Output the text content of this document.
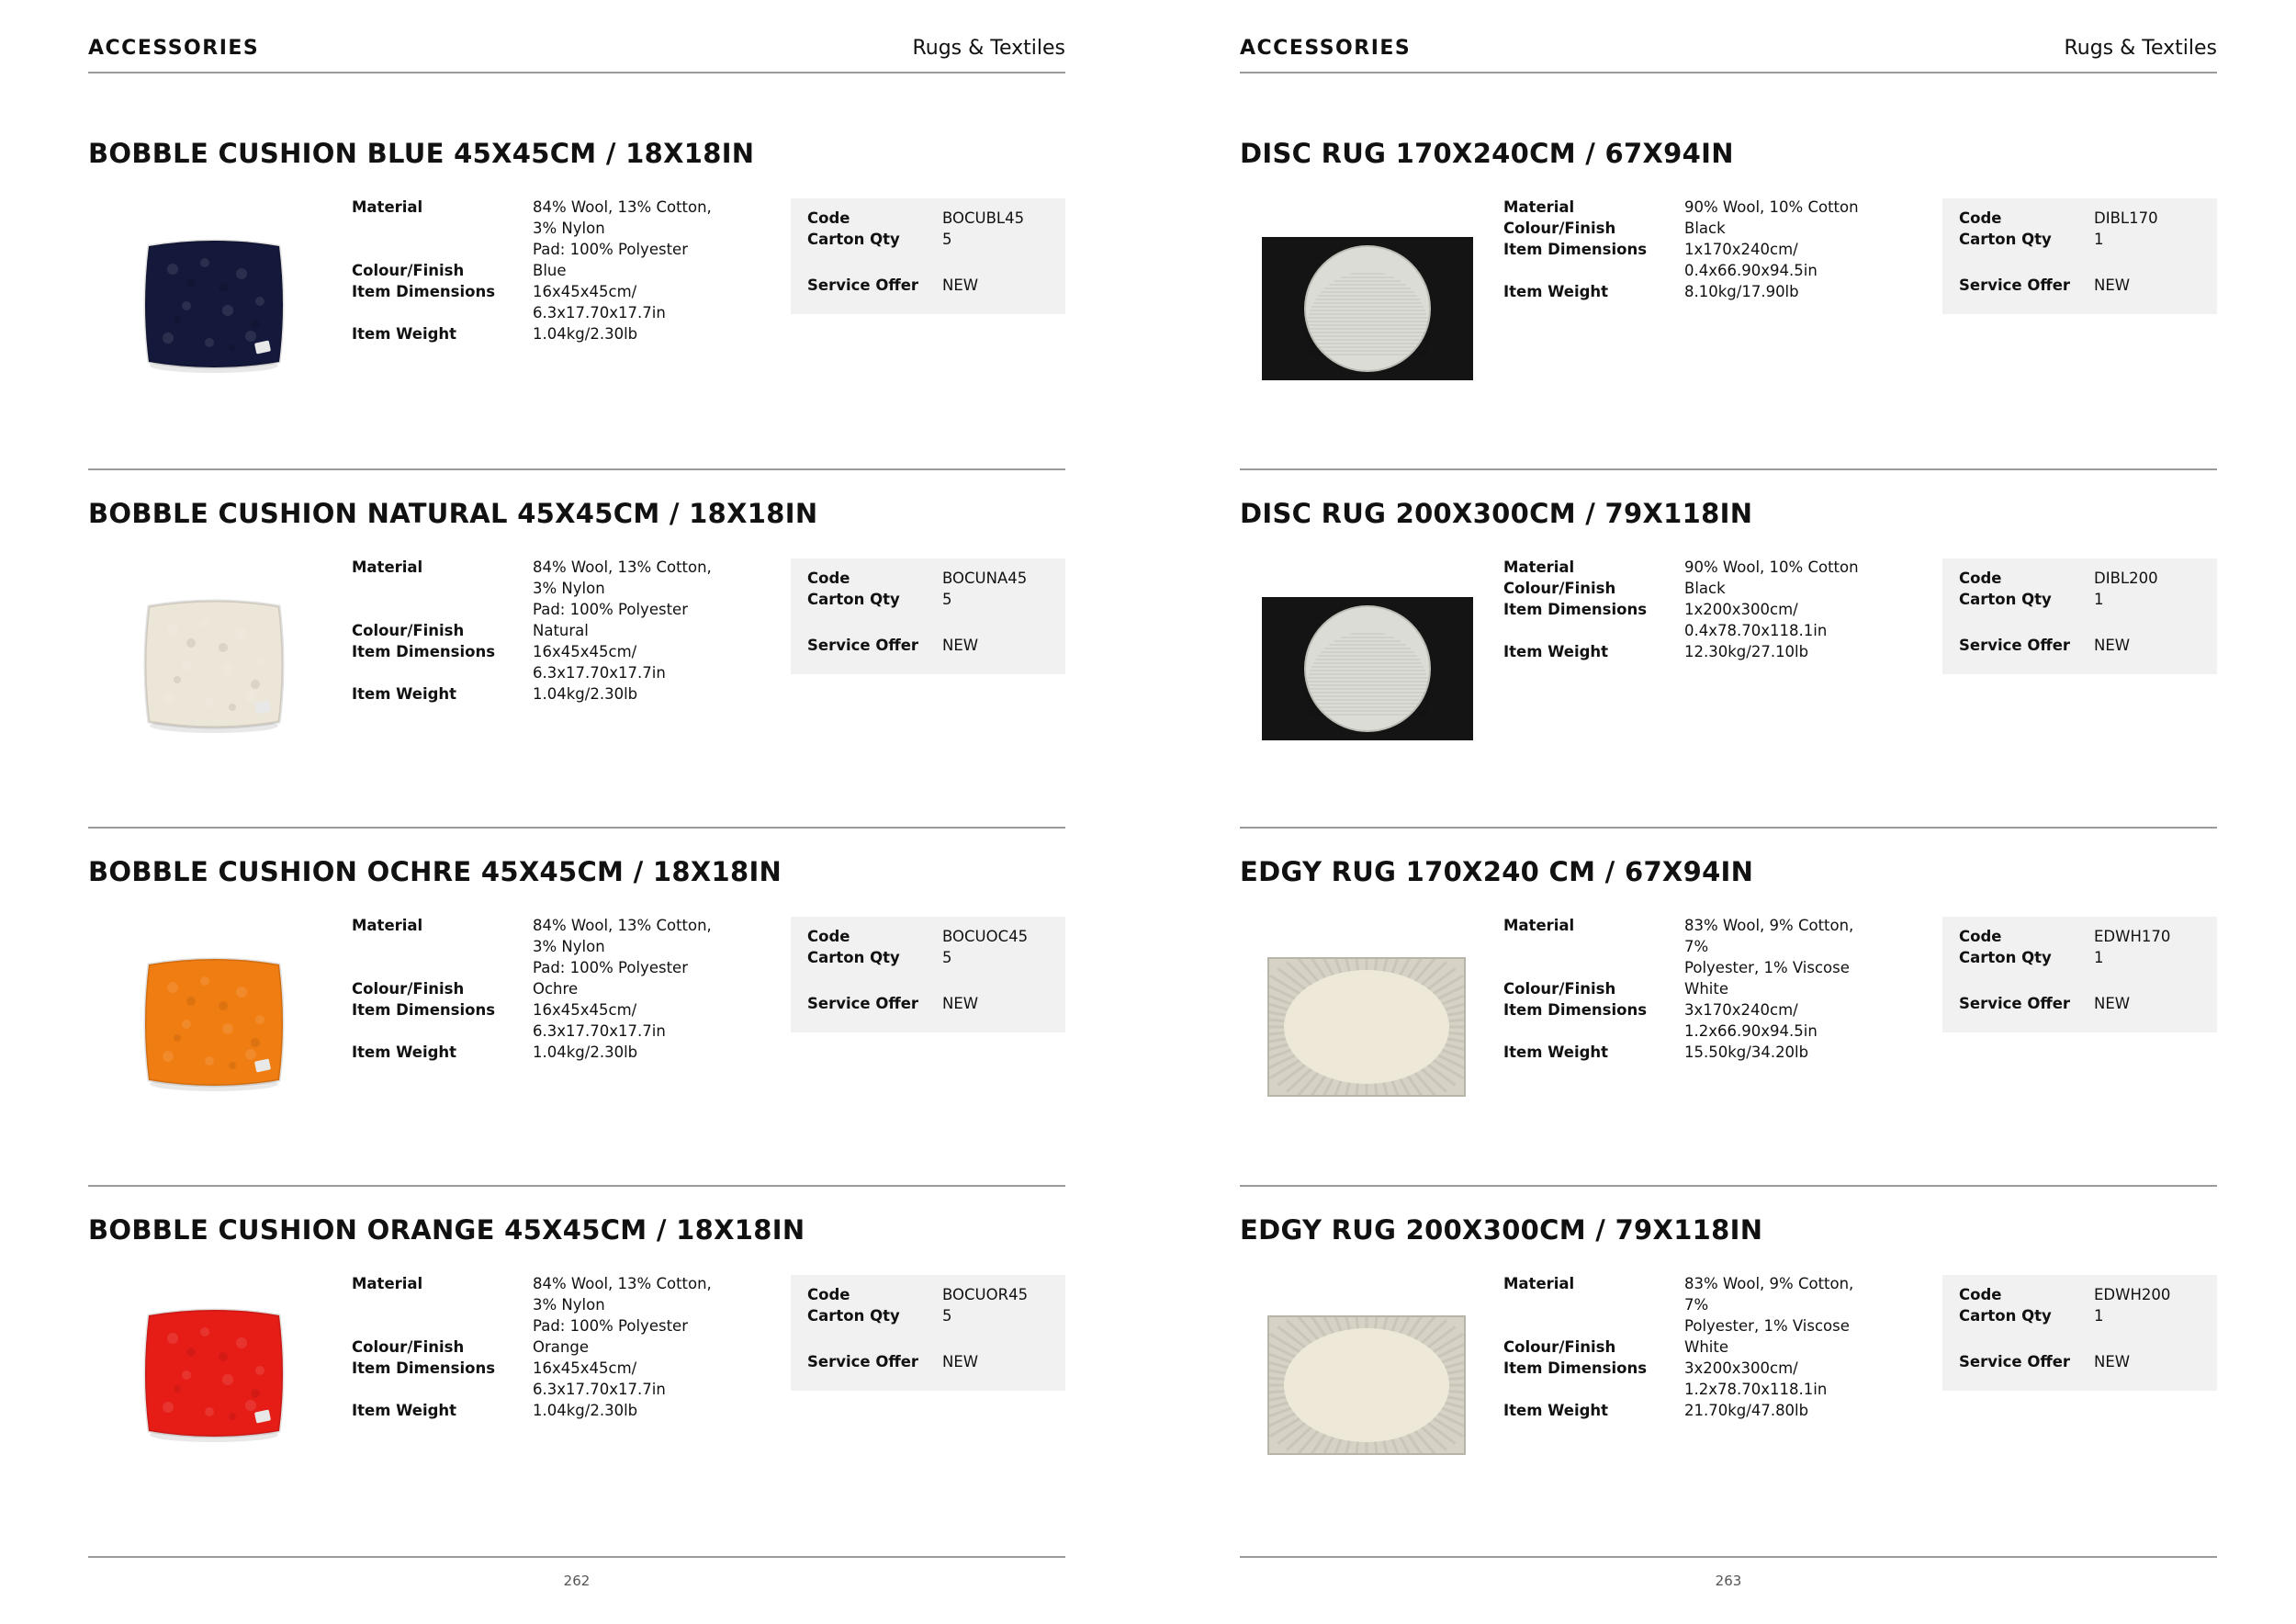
ACCESSORIES	Rugs & Textiles
BOBBLE CUSHION BLUE 45X45CM / 18X18IN
Material	84% Wool, 13% Cotton,
3% Nylon
Pad: 100% Polyester
Colour/Finish	Blue
Item Dimensions	16x45x45cm/
6.3x17.70x17.7in
Item Weight	1.04kg/2.30lb
Code	BOCUBL45
Carton Qty	5
Service Offer NEW
BOBBLE CUSHION NATURAL 45X45CM / 18X18IN
Material	84% Wool, 13% Cotton,
3% Nylon
Pad: 100% Polyester
Colour/Finish	Natural
Item Dimensions	16x45x45cm/
6.3x17.70x17.7in
Item Weight	1.04kg/2.30lb
Code	BOCUNA45
Carton Qty	5
Service Offer NEW
BOBBLE CUSHION OCHRE 45X45CM / 18X18IN
Material	84% Wool, 13% Cotton,
3% Nylon
Pad: 100% Polyester
Colour/Finish	Ochre
Item Dimensions	16x45x45cm/
6.3x17.70x17.7in
Item Weight	1.04kg/2.30lb
Code	BOCUOC45
Carton Qty	5
Service Offer NEW
BOBBLE CUSHION ORANGE 45X45CM / 18X18IN
Material	84% Wool, 13% Cotton,
3% Nylon
Pad: 100% Polyester
Colour/Finish	Orange
Item Dimensions	16x45x45cm/
6.3x17.70x17.7in
Item Weight	1.04kg/2.30lb
Code	BOCUOR45
Carton Qty	5
Service Offer NEW
262
ACCESSORIES	Rugs & Textiles
DISC RUG 170X240CM / 67X94IN
Material	90% Wool, 10% Cotton
Colour/Finish	Black
Item Dimensions	1x170x240cm/
0.4x66.90x94.5in
Item Weight	8.10kg/17.90lb
Code	DIBL170
Carton Qty	1
Service Offer NEW
DISC RUG 200X300CM / 79X118IN
Material	90% Wool, 10% Cotton
Colour/Finish	Black
Item Dimensions	1x200x300cm/
0.4x78.70x118.1in
Item Weight	12.30kg/27.10lb
Code	DIBL200
Carton Qty	1
Service Offer NEW
EDGY RUG 170X240 CM / 67X94IN
Material	83% Wool, 9% Cotton, 7%
Polyester, 1% Viscose
Colour/Finish	White
Item Dimensions	3x170x240cm/
1.2x66.90x94.5in
Item Weight	15.50kg/34.20lb
Code	EDWH170
Carton Qty	1
Service Offer NEW
EDGY RUG 200X300CM / 79X118IN
Material	83% Wool, 9% Cotton, 7%
Polyester, 1% Viscose
Colour/Finish	White
Item Dimensions	3x200x300cm/
1.2x78.70x118.1in
Item Weight	21.70kg/47.80lb
Code	EDWH200
Carton Qty	1
Service Offer NEW
263
